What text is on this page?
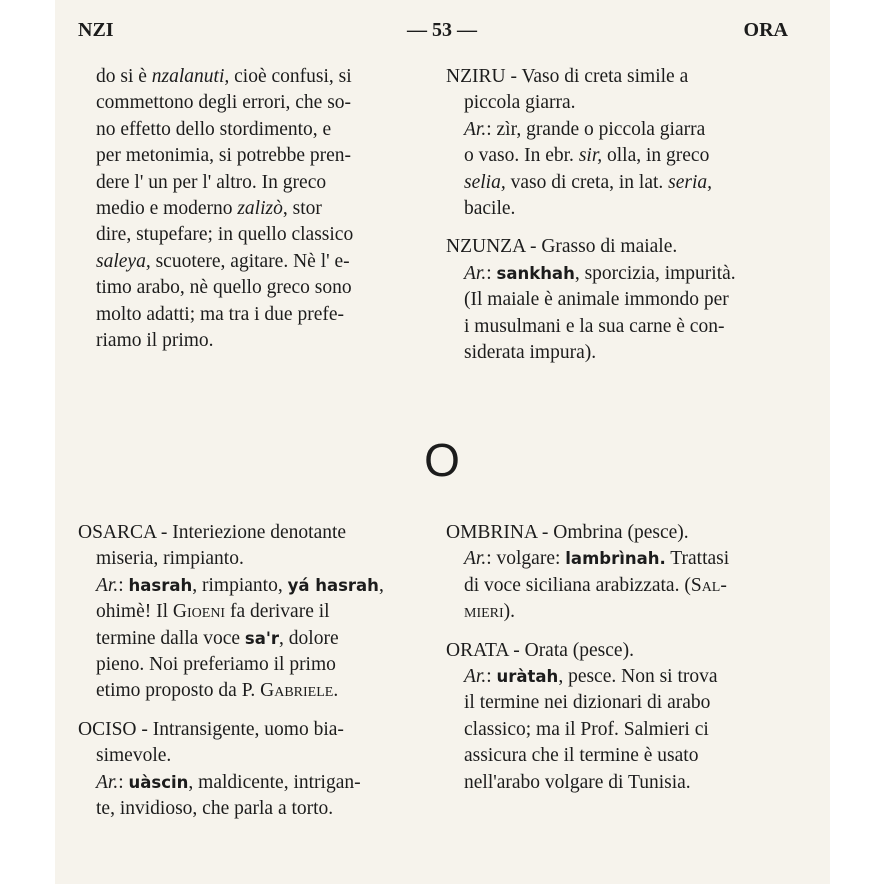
NZI	— 53 —	ORA

do si è nzalanuti, cioè confusi, si

commettono degli errori, che so-

no effetto dello stordimento, e

per metonimia, si potrebbe pren-

dere l' un per l' altro. In greco

medio e moderno zalizò, stor

dire, stupefare; in quello classico

saleya, scuotere, agitare. Nè l' e-

timo arabo, nè quello greco sono

molto adatti; ma tra i due prefe-

riamo il primo.

NZIRU - Vaso di creta simile a

piccola giarra.

Ar.: zìr, grande o piccola giarra

o vaso. In ebr. sir, olla, in greco

selia, vaso di creta, in lat. seria,

bacile.

NZUNZA - Grasso di maiale.

Ar.: sankhah, sporcizia, impurità.

(Il maiale è animale immondo per

i musulmani e la sua carne è con-

siderata impura).

O

OSARCA - Interiezione denotante

miseria, rimpianto.

Ar.: hasrah, rimpianto, yá hasrah,

ohimè! Il Gioeni fa derivare il

termine dalla voce sa'r, dolore

pieno. Noi preferiamo il primo

etimo proposto da P. Gabriele.

OCISO - Intransigente, uomo bia-

simevole.

Ar.: uàscin, maldicente, intrigan-

te, invidioso, che parla a torto.

OMBRINA - Ombrina (pesce).

Ar.: volgare: lambrìnah. Trattasi

di voce siciliana arabizzata. (Sal-

mieri).

ORATA - Orata (pesce).

Ar.: uràtah, pesce. Non si trova

il termine nei dizionari di arabo

classico; ma il Prof. Salmieri ci

assicura che il termine è usato

nell'arabo volgare di Tunisia.
